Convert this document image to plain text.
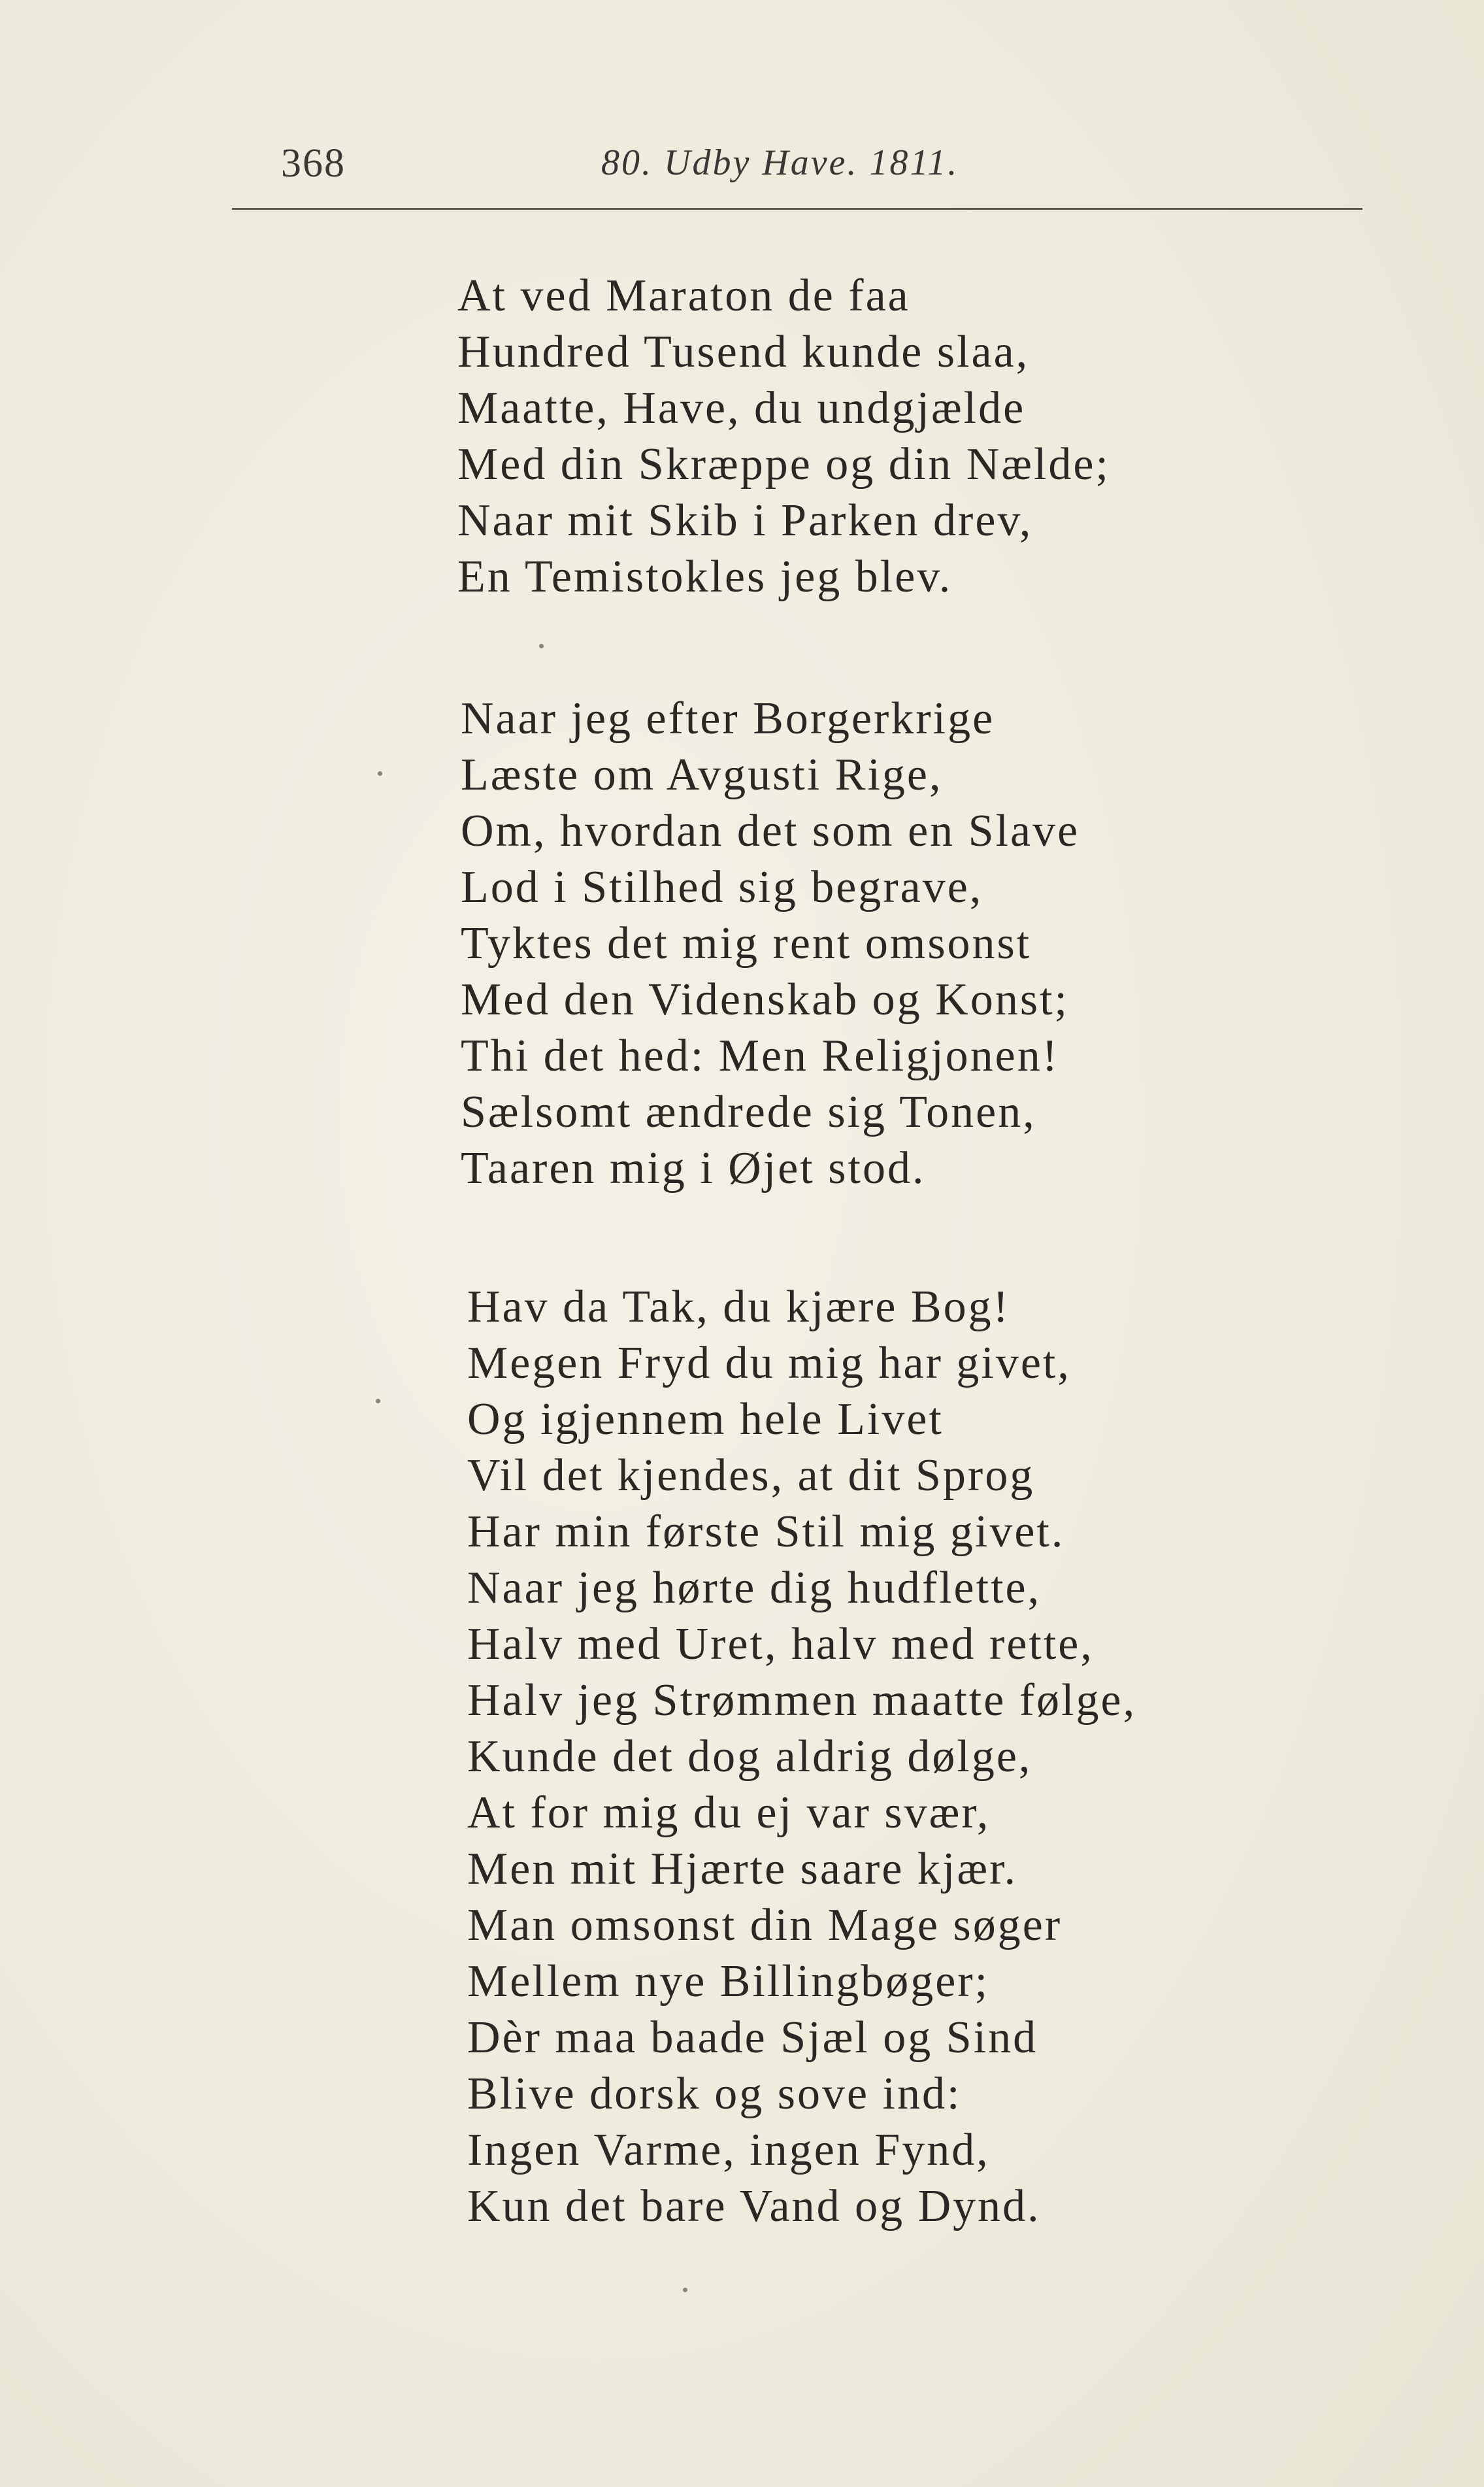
368	80. Udby Have. 1811.
At ved Maraton de faa
Hundred Tusend kunde slaa,
Maatte, Have, du undgjælde
Med din Skræppe og din Nælde;
Naar mit Skib i Parken drev,
En Temistokles jeg blev.
Naar jeg efter Borgerkrige
Læste om Avgusti Rige,
Om, hvordan det som en Slave
Lod i Stilhed sig begrave,
Tyktes det mig rent omsonst
Med den Videnskab og Konst;
Thi det hed: Men Religjonen!
Sælsomt ændrede sig Tonen,
Taaren mig i Øjet stod.
Hav da Tak, du kjære Bog!
Megen Fryd du mig har givet,
Og igjennem hele Livet
Vil det kjendes, at dit Sprog
Har min første Stil mig givet.
Naar jeg hørte dig hudflette,
Halv med Uret, halv med rette,
Halv jeg Strømmen maatte følge,
Kunde det dog aldrig dølge,
At for mig du ej var svær,
Men mit Hjærte saare kjær.
Man omsonst din Mage søger
Mellem nye Billingbøger;
Dèr maa baade Sjæl og Sind
Blive dorsk og sove ind:
Ingen Varme, ingen Fynd,
Kun det bare Vand og Dynd.
